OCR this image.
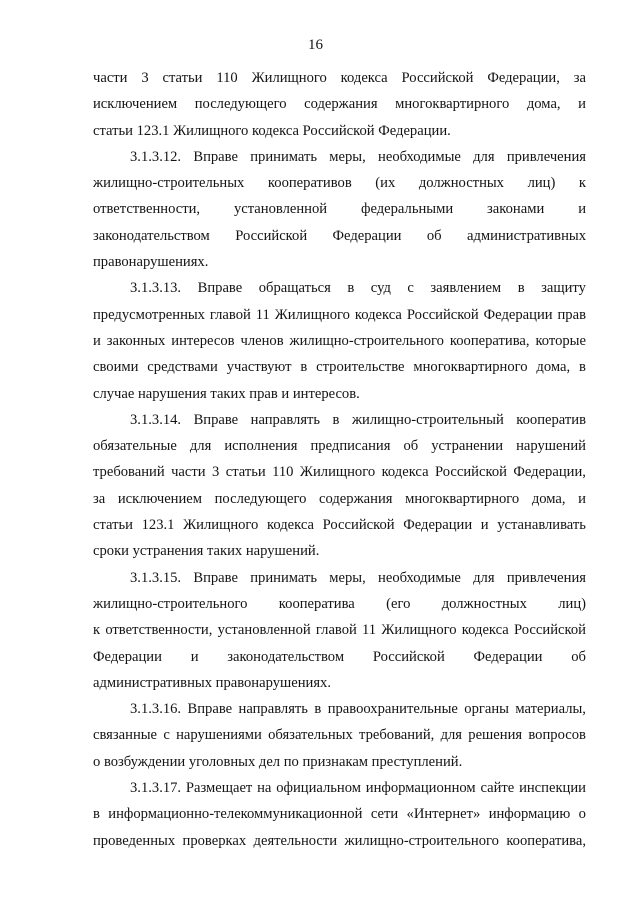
16
части 3 статьи 110 Жилищного кодекса Российской Федерации, за
исключением последующего содержания многоквартирного дома, и
статьи 123.1 Жилищного кодекса Российской Федерации.
3.1.3.12. Вправе принимать меры, необходимые для привлечения
жилищно-строительных кооперативов (их должностных лиц) к
ответственности, установленной федеральными законами и
законодательством Российской Федерации об административных
правонарушениях.
3.1.3.13. Вправе обращаться в суд с заявлением в защиту
предусмотренных главой 11 Жилищного кодекса Российской Федерации прав
и законных интересов членов жилищно-строительного кооператива, которые
своими средствами участвуют в строительстве многоквартирного дома, в
случае нарушения таких прав и интересов.
3.1.3.14. Вправе направлять в жилищно-строительный кооператив
обязательные для исполнения предписания об устранении нарушений
требований части 3 статьи 110 Жилищного кодекса Российской Федерации,
за исключением последующего содержания многоквартирного дома, и
статьи 123.1 Жилищного кодекса Российской Федерации и устанавливать
сроки устранения таких нарушений.
3.1.3.15. Вправе принимать меры, необходимые для привлечения
жилищно-строительного кооператива (его должностных лиц)
к ответственности, установленной главой 11 Жилищного кодекса Российской
Федерации и законодательством Российской Федерации об
административных правонарушениях.
3.1.3.16. Вправе направлять в правоохранительные органы материалы,
связанные с нарушениями обязательных требований, для решения вопросов
о возбуждении уголовных дел по признакам преступлений.
3.1.3.17. Размещает на официальном информационном сайте инспекции
в информационно-телекоммуникационной сети «Интернет» информацию о
проведенных проверках деятельности жилищно-строительного кооператива,
